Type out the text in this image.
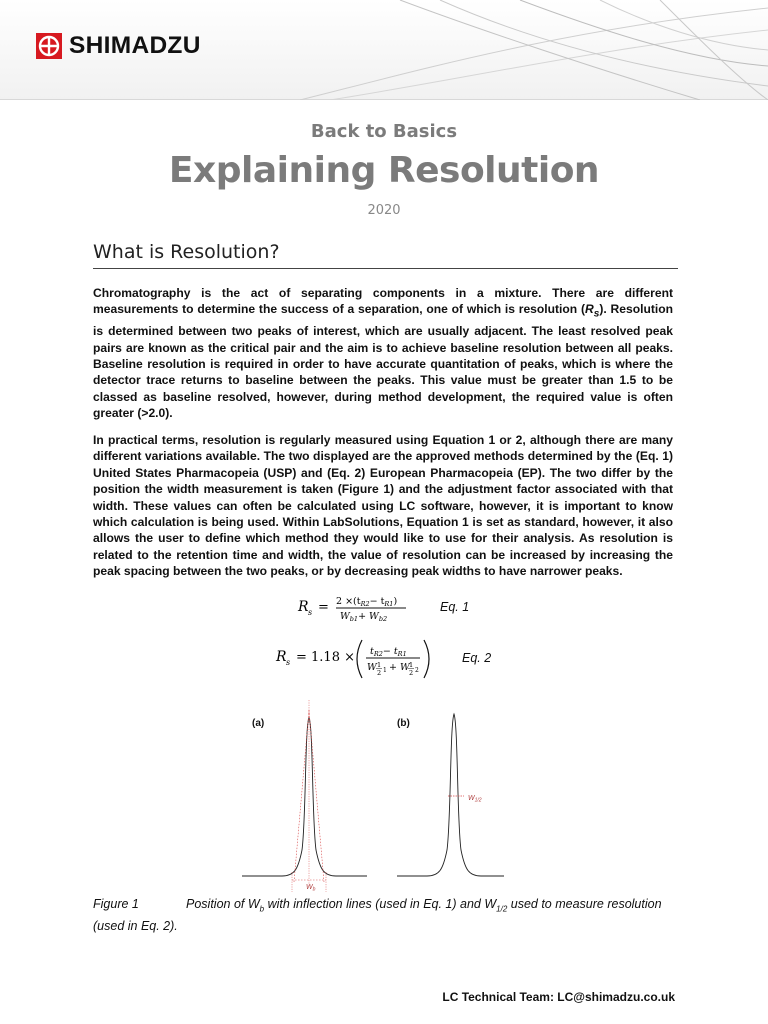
SHIMADZU
Back to Basics
Explaining Resolution
2020
What is Resolution?

Chromatography is the act of separating components in a mixture. There are different measurements to determine the success of a separation, one of which is resolution $(R_s)$. Resolution is determined between two peaks of interest, which are usually adjacent. The least resolved peak pairs are known as the critical pair and the aim is to achieve baseline resolution between all peaks. Baseline resolution is required in order to have accurate quantitation of peaks, which is where the detector trace returns to baseline between the peaks. This value must be greater than 1.5 to be classed as baseline resolved, however, during method development, the required value is often greater (>2.0).

In practical terms, resolution is regularly measured using Equation 1 or 2, although there are many different variations available. The two displayed are the approved methods determined by the (Eq. 1) United States Pharmacopeia (USP) and (Eq. 2) European Pharmacopeia (EP). The two differ by the position the width measurement is taken (Figure 1) and the adjustment factor associated with that width. These values can often be calculated using LC software, however, it is important to know which calculation is being used. Within LabSolutions, Equation 1 is set as standard, however, it also allows the user to define which method they would like to use for their analysis. As resolution is related to the retention time and width, the value of resolution can be increased by increasing the peak spacing between the two peaks, or by decreasing peak widths to have narrower peaks.

R $s = 2 \times(t_{R2}- t_{R1})$
$W_{b1}+ W_{b2}$
Eq. 1
R $s = 1.18 \times t_{R2}- t_{R1}$
W 1
2 1 + W 1
2 2
Eq. 2
(a)	(b)
$W_b$
$W_{1/2}$
Figure 1	Position of $W_b$ with inflection lines (used in Eq. 1) and $W_{1/2}$ used to measure resolution (used in Eq. 2).
LC Technical Team: LC@shimadzu.co.uk
